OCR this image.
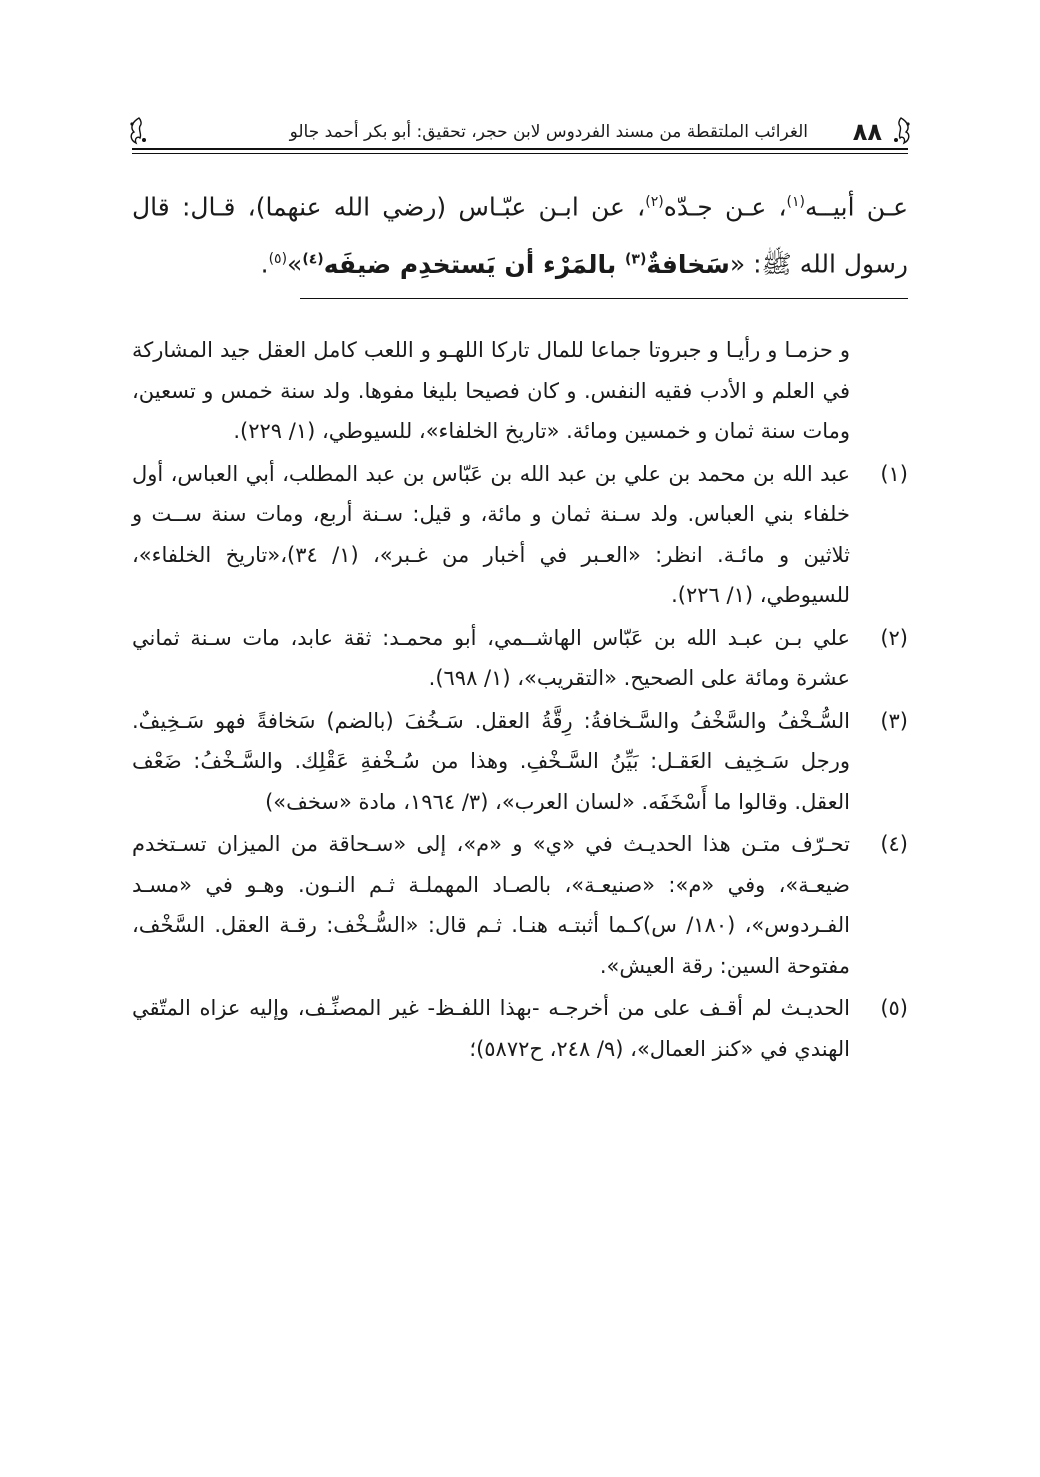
٨٨
الغرائب الملتقطة من مسند الفردوس لابن حجر، تحقيق: أبو بكر أحمد جالو
عـن أبيــه$^{(١)}$، عـن جـدّه$^{(٢)}$، عن ابـن عبّـاس (رضي الله عنهما)، قـال: قال رسول الله ﷺ: «سَخافةٌ$^{(٣)}$ بالمَرْء أن يَستخدِم ضيفَه$^{(٤)}$»$^{(٥)}$.
و حزمـا و رأيـا و جبروتا جماعا للمال تاركا اللهـو و اللعب كامل العقل جيد المشاركة في العلم و الأدب فقيه النفس. و كان فصيحا بليغا مفوها. ولد سنة خمس و تسعين، ومات سنة ثمان و خمسين ومائة. «تاريخ الخلفاء»، للسيوطي، (١/ ٢٢٩).
(١)
عبد الله بن محمد بن علي بن عبد الله بن عَبّاس بن عبد المطلب، أبي العباس، أول خلفاء بني العباس. ولد سـنة ثمان و مائة، و قيل: سـنة أربع، ومات سنة ســت و ثلاثين و مائـة. انظر: «العـبر في أخبار من غـبر»، (١/ ٣٤)،«تاريخ الخلفاء»، للسيوطي، (١/ ٢٢٦).
(٢)
علي بـن عبـد الله بن عَبّاس الهاشــمي، أبو محمـد: ثقة عابد، مات سـنة ثماني عشرة ومائة على الصحيح. «التقريب»، (١/ ٦٩٨).
(٣)
السُّـخْفُ والسَّخْفُ والسَّـخافةُ: رِقَّةُ العقل. سَـخُفَ (بالضم) سَخافةً فهو سَـخِيفٌ. ورجل سَـخِيف العَقـل: بَيِّنُ السَّـخْفِ. وهذا من سُـخْفةِ عَقْلِك. والسَّـخْفُ: ضَعْف العقل. وقالوا ما أَسْخَفَه. «لسان العرب»، (٣/ ١٩٦٤، مادة «سخف»)
(٤)
تحـرّف متـن هذا الحديـث في «ي» و «م»، إلى «سـحاقة من الميزان تسـتخدم ضيعـة»، وفي «م»: «صنيعـة»، بالصـاد المهملـة ثـم النـون. وهـو في «مسـد الفـردوس»، (١٨٠/ س)كـما أثبتـه هنـا. ثـم قال: «السُّـخْف: رقـة العقل. السَّخْف، مفتوحة السين: رقة العيش».
(٥)
الحديـث لم أقـف على من أخرجـه -بهذا اللفـظ- غير المصنِّـف، وإليه عزاه المتّقي الهندي في «كنز العمال»، (٩/ ٢٤٨، ح٥٨٧٢)؛
